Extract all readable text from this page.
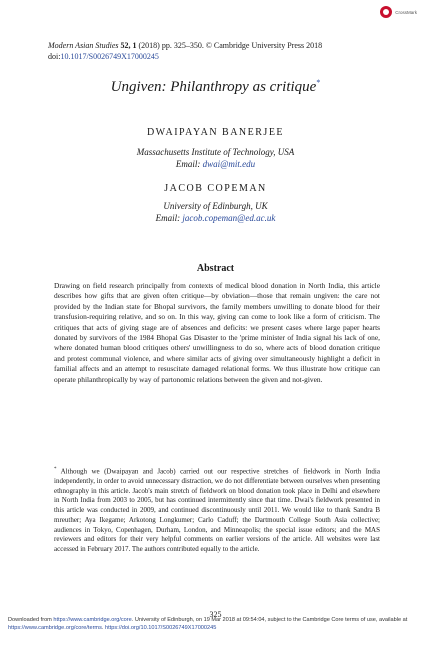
CrossMark
Modern Asian Studies 52, 1 (2018) pp. 325–350. © Cambridge University Press 2018
doi:10.1017/S0026749X17000245
Ungiven: Philanthropy as critique*
DWAIPAYAN BANERJEE
Massachusetts Institute of Technology, USA
Email: dwai@mit.edu
JACOB COPEMAN
University of Edinburgh, UK
Email: jacob.copeman@ed.ac.uk
Abstract
Drawing on field research principally from contexts of medical blood donation in North India, this article describes how gifts that are given often critique—by obviation—those that remain ungiven: the care not provided by the Indian state for Bhopal survivors, the family members unwilling to donate blood for their transfusion-requiring relative, and so on. In this way, giving can come to look like a form of criticism. The critiques that acts of giving stage are of absences and deficits: we present cases where large paper hearts donated by survivors of the 1984 Bhopal Gas Disaster to the 'prime minister of India signal his lack of one, where donated human blood critiques others' unwillingness to do so, where acts of blood donation critique and protest communal violence, and where similar acts of giving over simultaneously highlight a deficit in familial affects and an attempt to resuscitate damaged relational forms. We thus illustrate how critique can operate philanthropically by way of partonomic relations between the given and not-given.
* Although we (Dwaipayan and Jacob) carried out our respective stretches of fieldwork in North India independently, in order to avoid unnecessary distraction, we do not differentiate between ourselves when presenting ethnography in this article. Jacob's main stretch of fieldwork on blood donation took place in Delhi and elsewhere in North India from 2003 to 2005, but has continued intermittently since that time. Dwai's fieldwork presented in this article was conducted in 2009, and continued discontinuously until 2011. We would like to thank Sandra B mreuther; Aya Ikegame; Arkotong Longkumer; Carlo Caduff; the Dartmouth College South Asia collective; audiences in Tokyo, Copenhagen, Durham, London, and Minneapolis; the special issue editors; and the MAS reviewers and editors for their very helpful comments on earlier versions of the article. All websites were last accessed in February 2017. The authors contributed equally to the article.
325
Downloaded from https://www.cambridge.org/core. University of Edinburgh, on 19 Mar 2018 at 09:54:04, subject to the Cambridge Core terms of use, available at https://www.cambridge.org/core/terms. https://doi.org/10.1017/S0026749X17000245
